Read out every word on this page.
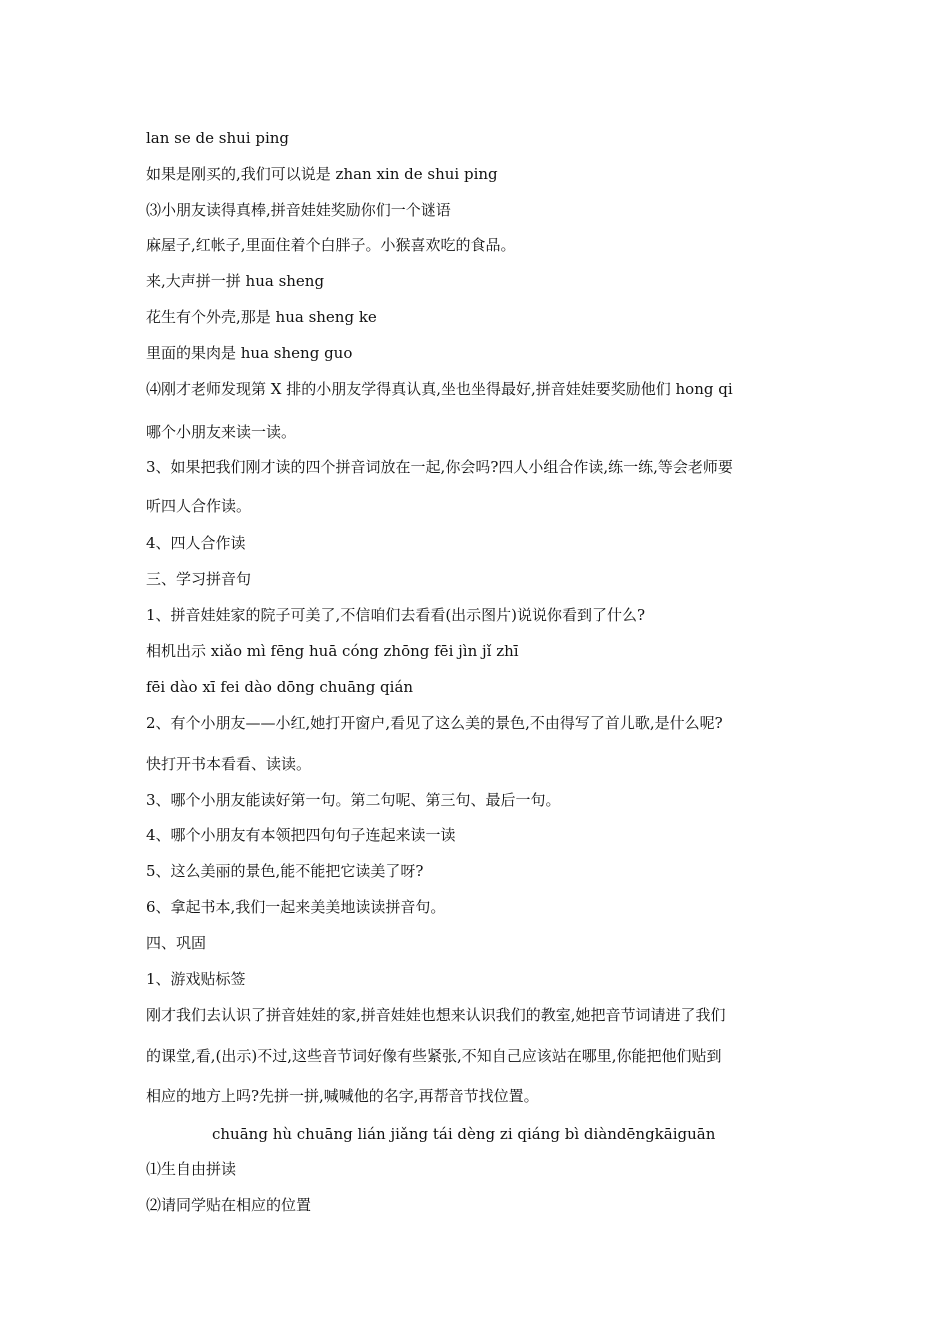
lan se de shui ping
如果是刚买的,我们可以说是 zhan xin de shui ping
⑶小朋友读得真棒,拼音娃娃奖励你们一个谜语
麻屋子,红帐子,里面住着个白胖子。小猴喜欢吃的食品。
来,大声拼一拼 hua sheng
花生有个外壳,那是 hua sheng ke
里面的果肉是 hua sheng guo
⑷刚才老师发现第 X 排的小朋友学得真认真,坐也坐得最好,拼音娃娃要奖励他们 hong qi
哪个小朋友来读一读。
3、如果把我们刚才读的四个拼音词放在一起,你会吗?四人小组合作读,练一练,等会老师要
听四人合作读。
4、四人合作读
三、学习拼音句
1、拼音娃娃家的院子可美了,不信咱们去看看(出示图片)说说你看到了什么?
相机出示 xiǎo mì fēng huā cóng zhōng fēi jìn jǐ zhī
fēi dào xī fei dào dōng chuāng qián
2、有个小朋友——小红,她打开窗户,看见了这么美的景色,不由得写了首儿歌,是什么呢?
快打开书本看看、读读。
3、哪个小朋友能读好第一句。第二句呢、第三句、最后一句。
4、哪个小朋友有本领把四句句子连起来读一读
5、这么美丽的景色,能不能把它读美了呀?
6、拿起书本,我们一起来美美地读读拼音句。
四、巩固
1、游戏贴标签
刚才我们去认识了拼音娃娃的家,拼音娃娃也想来认识我们的教室,她把音节词请进了我们
的课堂,看,(出示)不过,这些音节词好像有些紧张,不知自己应该站在哪里,你能把他们贴到
相应的地方上吗?先拼一拼,喊喊他的名字,再帮音节找位置。
chuāng hù chuāng lián jiǎng tái dèng zi qiáng bì diàndēngkāiguān
⑴生自由拼读
⑵请同学贴在相应的位置
